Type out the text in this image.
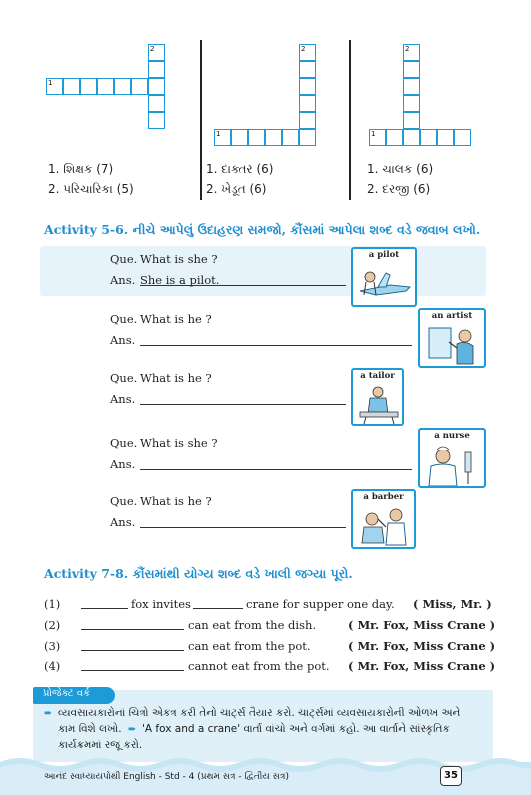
1
2
1
2
1
2
1. શિક્ષક (7)
2. પરિચારિકા (5)
1. દાક્તર (6)
2. ખેડૂત (6)
1. ચાલક (6)
2. દરજી (6)
Activity 5-6. નીચે આપેલું ઉદાહરણ સમજો, કૌંસમાં આપેલા શબ્દ વડે જવાબ લખો.
Que. What is she ?
Ans. She is a pilot.
Que. What is he ?
Ans.
Que. What is he ?
Ans.
Que. What is she ?
Ans.
Que. What is he ?
Ans.
a pilot
an artist
a tailor
a nurse
a barber
Activity 7-8. કૌંસમાંથી યોગ્ય શબ્દ વડે ખાલી જગ્યા પૂરો.
(1)	fox invites	crane for supper one day. ( Miss, Mr. )
(2)	can eat from the dish.	( Mr. Fox, Miss Crane )
(3)	can eat from the pot.	( Mr. Fox, Miss Crane )
(4)	cannot eat from the pot. ( Mr. Fox, Miss Crane )
પ્રોજેક્ટ વર્ક
➨ વ્યવસાયકારોનાં ચિત્રો એકત્ર કરી તેનો ચાર્ટ્સ તૈયાર કરો. ચાર્ટ્સમાં વ્યવસાયકારોની ઓળખ અને
કામ વિશે લખો. ➨ 'A fox and a crane' વાર્તા વાંચો અને વર્ગમાં કહો. આ વાર્તાને સાંસ્કૃતિક
કાર્યક્રમમાં રજૂ કરો.
આનંદ સ્વાધ્યાયપોથી English - Std - 4 (પ્રથમ સત્ર - દ્વિતીય સત્ર)	35
